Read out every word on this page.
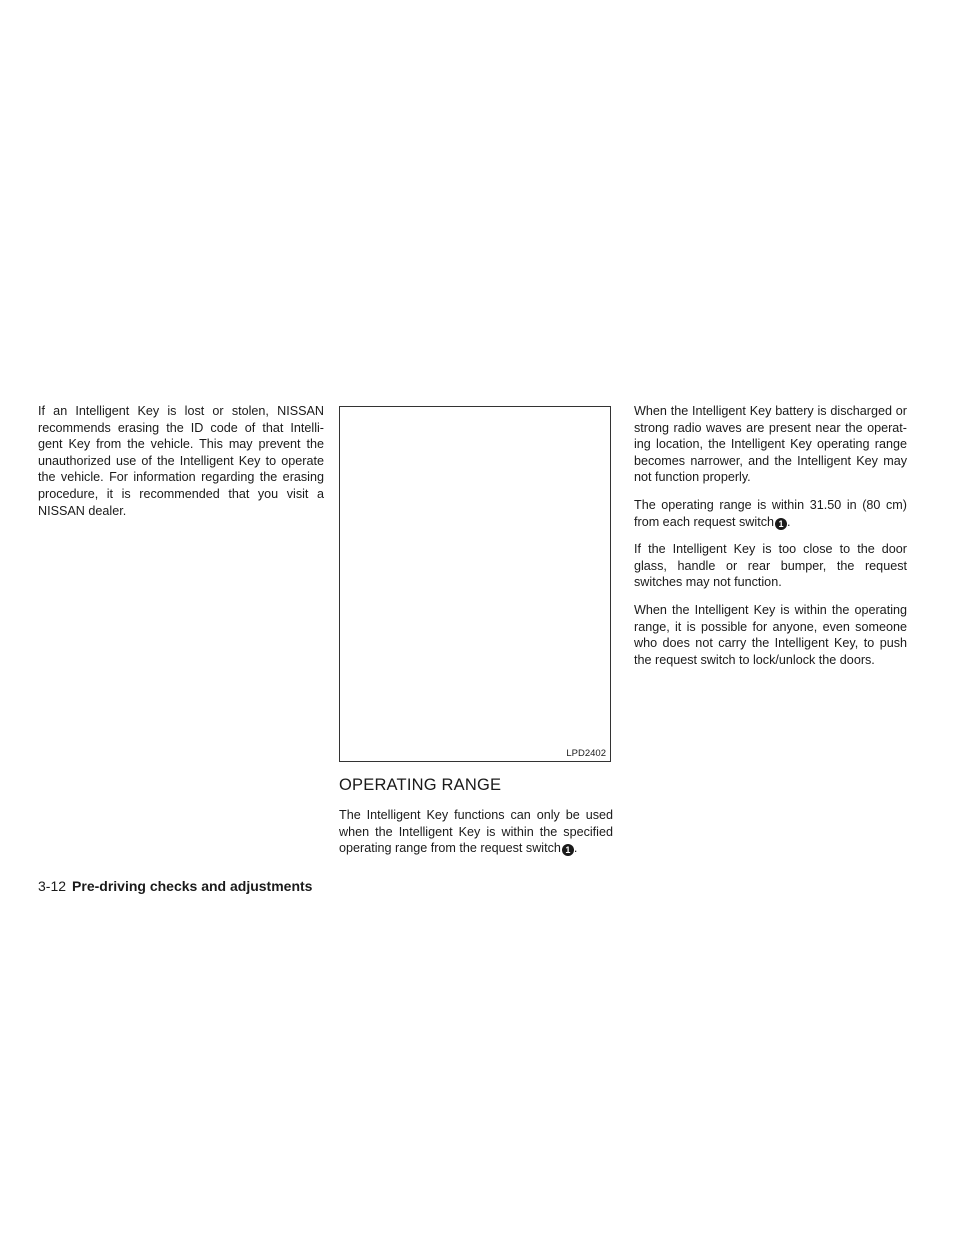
If an Intelligent Key is lost or stolen, NISSAN recommends erasing the ID code of that Intelli- gent Key from the vehicle. This may prevent the unauthorized use of the Intelligent Key to operate the vehicle. For information regarding the erasing procedure, it is recommended that you visit a NISSAN dealer.

LPD2402
OPERATING RANGE

The Intelligent Key functions can only be used when the Intelligent Key is within the specified operating range from the request switch 1 .

When the Intelligent Key battery is discharged or strong radio waves are present near the operat- ing location, the Intelligent Key operating range becomes narrower, and the Intelligent Key may not function properly.

The operating range is within 31.50 in (80 cm) from each request switch 1 .

If the Intelligent Key is too close to the door glass, handle or rear bumper, the request switches may not function.

When the Intelligent Key is within the operating range, it is possible for anyone, even someone who does not carry the Intelligent Key, to push the request switch to lock/unlock the doors.

3-12 Pre-driving checks and adjustments
